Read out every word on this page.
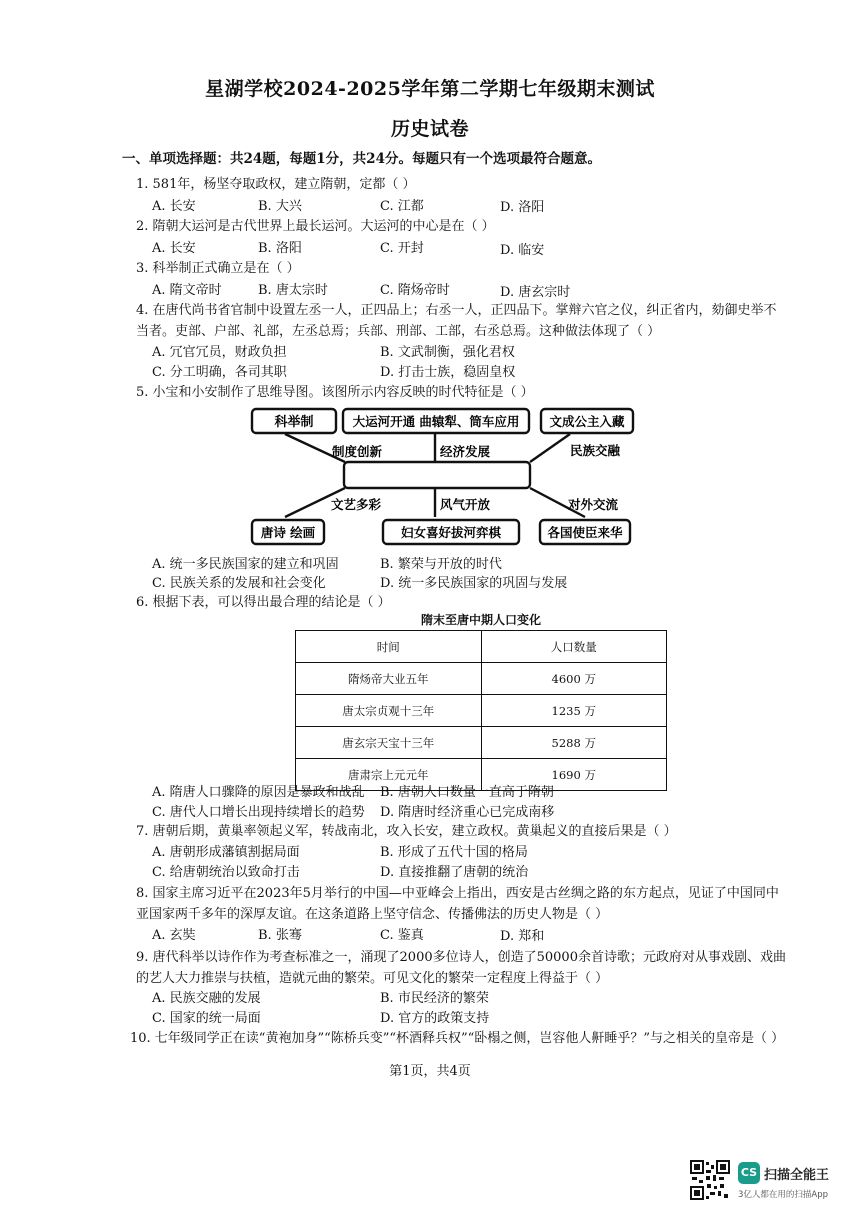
星湖学校2024-2025学年第二学期七年级期末测试
历史试卷
一、单项选择题：共24题，每题1分，共24分。每题只有一个选项最符合题意。
1. 581年，杨坚夺取政权，建立隋朝，定都（ ）
A. 长安	B. 大兴	C. 江都	D. 洛阳
2. 隋朝大运河是古代世界上最长运河。大运河的中心是在（ ）
A. 长安	B. 洛阳	C. 开封	D. 临安
3. 科举制正式确立是在（ ）
A. 隋文帝时	B. 唐太宗时	C. 隋炀帝时	D. 唐玄宗时
4. 在唐代尚书省官制中设置左丞一人，正四品上；右丞一人，正四品下。掌辩六官之仪，纠正省内，劾御史举不
当者。吏部、户部、礼部，左丞总焉；兵部、刑部、工部，右丞总焉。这种做法体现了（ ）
A. 冗官冗员，财政负担	B. 文武制衡，强化君权
C. 分工明确，各司其职	D. 打击士族，稳固皇权
5. 小宝和小安制作了思维导图。该图所示内容反映的时代特征是（ ）
科举制	大运河开通 曲辕犁、筒车应用 文成公主入藏
唐诗 绘画	妇女喜好拔河弈棋	各国使臣来华
制度创新	经济发展	民族交融
文艺多彩	风气开放	对外交流
A. 统一多民族国家的建立和巩固	B. 繁荣与开放的时代
C. 民族关系的发展和社会变化	D. 统一多民族国家的巩固与发展
6. 根据下表，可以得出最合理的结论是（ ）
隋末至唐中期人口变化
时间	人口数量
隋炀帝大业五年	4600 万
唐太宗贞观十三年	1235 万
唐玄宗天宝十三年	5288 万
唐肃宗上元元年	1690 万
A. 隋唐人口骤降的原因是暴政和战乱 B. 唐朝人口数量一直高于隋朝
C. 唐代人口增长出现持续增长的趋势 D. 隋唐时经济重心已完成南移
7. 唐朝后期，黄巢率领起义军，转战南北，攻入长安，建立政权。黄巢起义的直接后果是（ ）
A. 唐朝形成藩镇割据局面	B. 形成了五代十国的格局
C. 给唐朝统治以致命打击	D. 直接推翻了唐朝的统治
8. 国家主席习近平在2023年5月举行的中国—中亚峰会上指出，西安是古丝绸之路的东方起点，见证了中国同中
亚国家两千多年的深厚友谊。在这条道路上坚守信念、传播佛法的历史人物是（ ）
A. 玄奘	B. 张骞	C. 鉴真	D. 郑和
9. 唐代科举以诗作作为考查标准之一，涌现了2000多位诗人，创造了50000余首诗歌；元政府对从事戏剧、戏曲
的艺人大力推崇与扶植，造就元曲的繁荣。可见文化的繁荣一定程度上得益于（ ）
A. 民族交融的发展	B. 市民经济的繁荣
C. 国家的统一局面	D. 官方的政策支持
10. 七年级同学正在读“黄袍加身”“陈桥兵变”“杯酒释兵权”“卧榻之侧，岂容他人鼾睡乎？”与之相关的皇帝是（ ）
第1页，共4页
CS 扫描全能王
3亿人都在用的扫描App
